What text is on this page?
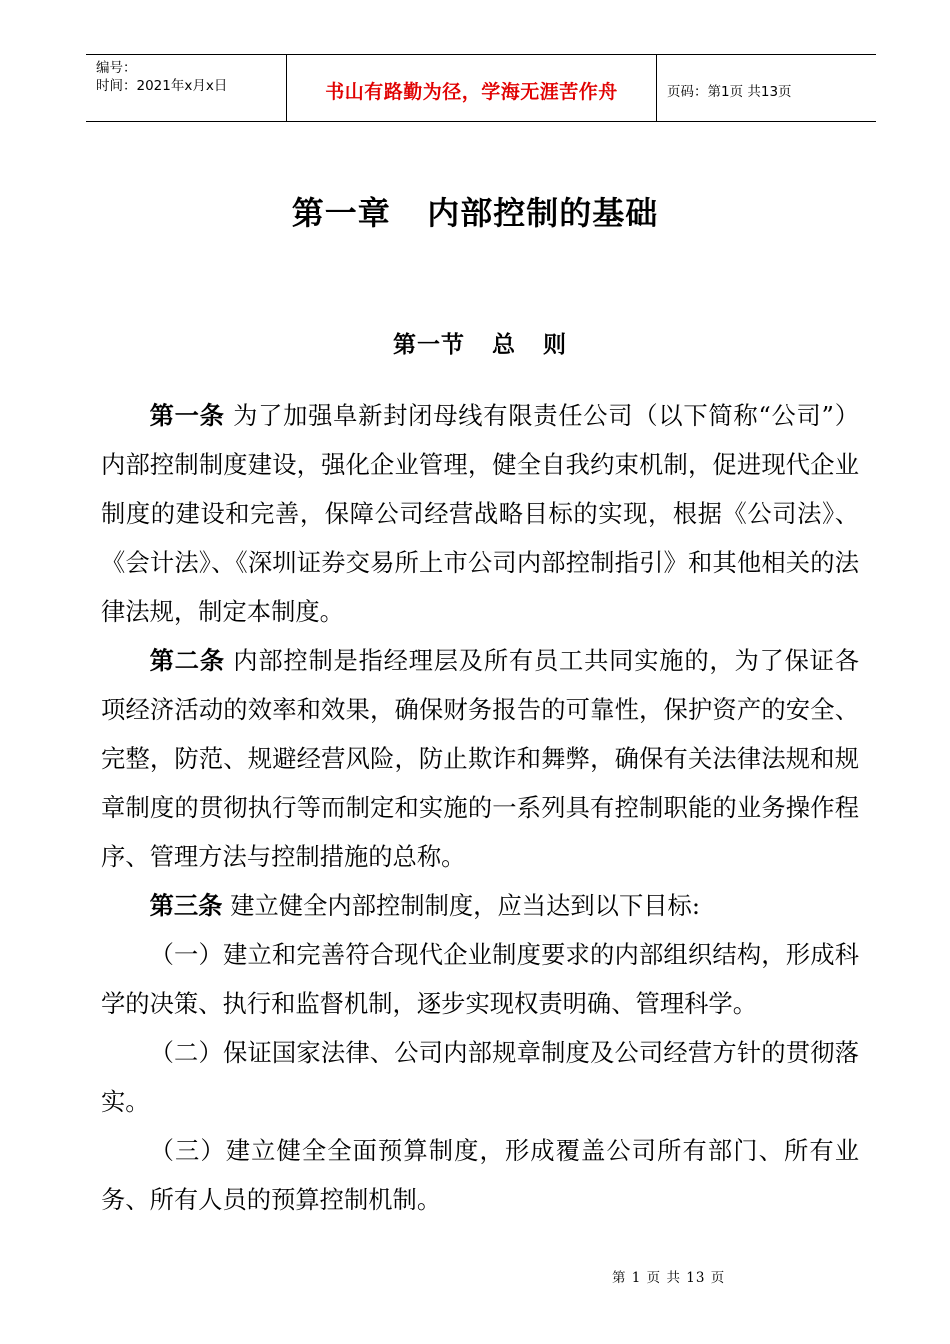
编号：
时间：2021年x月x日	书山有路勤为径，学海无涯苦作舟	页码：第1页 共13页
第一章   内部控制的基础
第一节   总   则

第一条 为了加强阜新封闭母线有限责任公司（以下简称“公司”）内部控制制度建设，强化企业管理，健全自我约束机制，促进现代企业制度的建设和完善，保障公司经营战略目标的实现，根据《公司法》、《会计法》、《深圳证券交易所上市公司内部控制指引》和其他相关的法律法规，制定本制度。

第二条 内部控制是指经理层及所有员工共同实施的，为了保证各项经济活动的效率和效果，确保财务报告的可靠性，保护资产的安全、完整，防范、规避经营风险，防止欺诈和舞弊，确保有关法律法规和规章制度的贯彻执行等而制定和实施的一系列具有控制职能的业务操作程序、管理方法与控制措施的总称。

第三条 建立健全内部控制制度，应当达到以下目标:

（一）建立和完善符合现代企业制度要求的内部组织结构，形成科学的决策、执行和监督机制，逐步实现权责明确、管理科学。

（二）保证国家法律、公司内部规章制度及公司经营方针的贯彻落实。

（三）建立健全全面预算制度，形成覆盖公司所有部门、所有业务、所有人员的预算控制机制。

第 1 页 共 13 页
